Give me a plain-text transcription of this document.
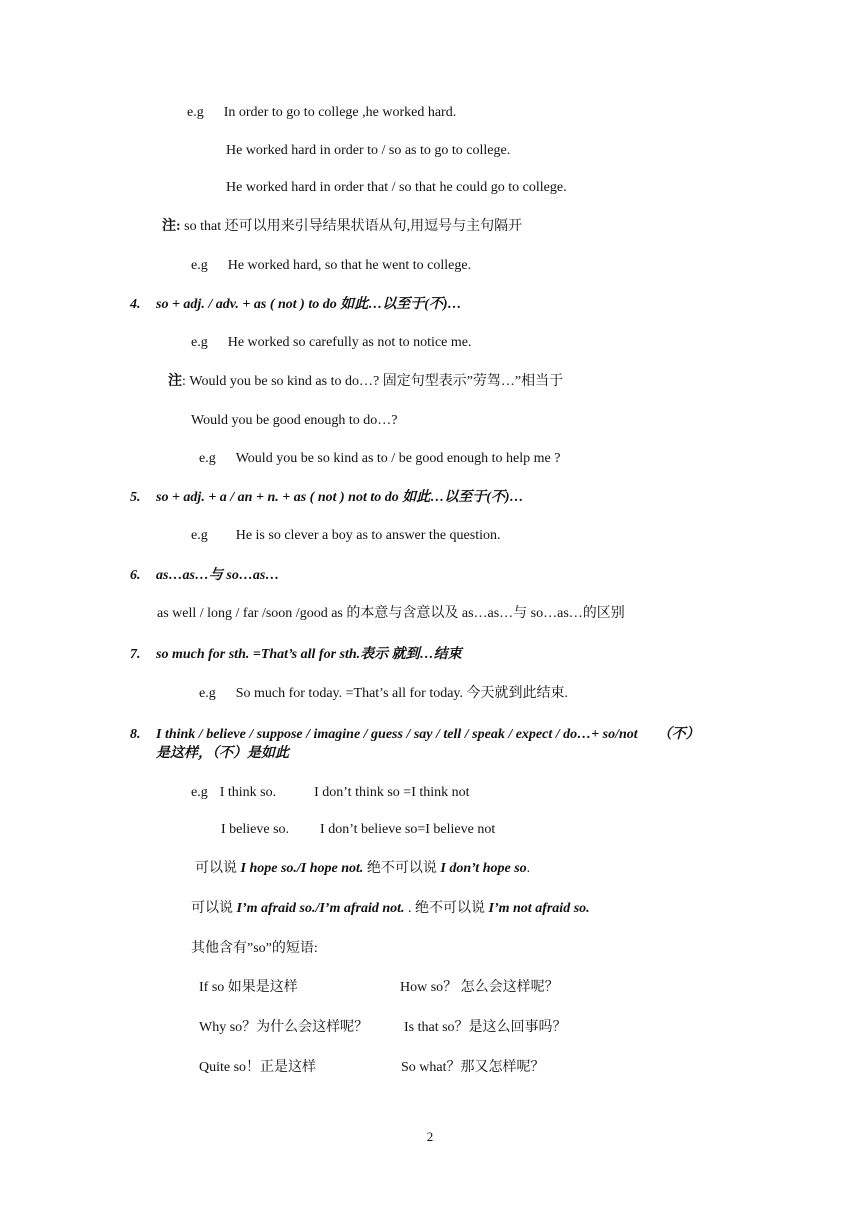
e.g In order to go to college ,he worked hard.
He worked hard in order to / so as to go to college.
He worked hard in order that / so that he could go to college.
注: so that 还可以用来引导结果状语从句,用逗号与主句隔开
e.g He worked hard, so that he went to college.
4. so + adj. / adv. + as ( not ) to do 如此…以至于(不)…
e.g He worked so carefully as not to notice me.
注: Would you be so kind as to do…? 固定句型表示”劳驾…”相当于
Would you be good enough to do…?
e.g Would you be so kind as to / be good enough to help me ?
5. so + adj. + a / an + n. + as ( not ) not to do 如此…以至于(不)…
e.g He is so clever a boy as to answer the question.
6. as…as…与 so…as…
as well / long / far /soon /good as 的本意与含意以及 as…as…与 so…as…的区别
7. so much for sth. =That’s all for sth.表示 就到…结束
e.g So much for today. =That’s all for today. 今天就到此结束.
8. I think / believe / suppose / imagine / guess / say / tell / speak / expect / do…+ so/not （不）
是这样，（不）是如此
e.g I think so.	I don’t think so =I think not
I believe so. I don’t believe so=I believe not
可以说 I hope so./I hope not. 绝不可以说 I don’t hope so.
可以说 I’m afraid so./I’m afraid not. . 绝不可以说 I’m not afraid so.
其他含有”so”的短语:
If so 如果是这样	How so？ 怎么会这样呢？
Why so？为什么会这样呢？	Is that so？是这么回事吗？
Quite so！正是这样	So what？那又怎样呢？
2
